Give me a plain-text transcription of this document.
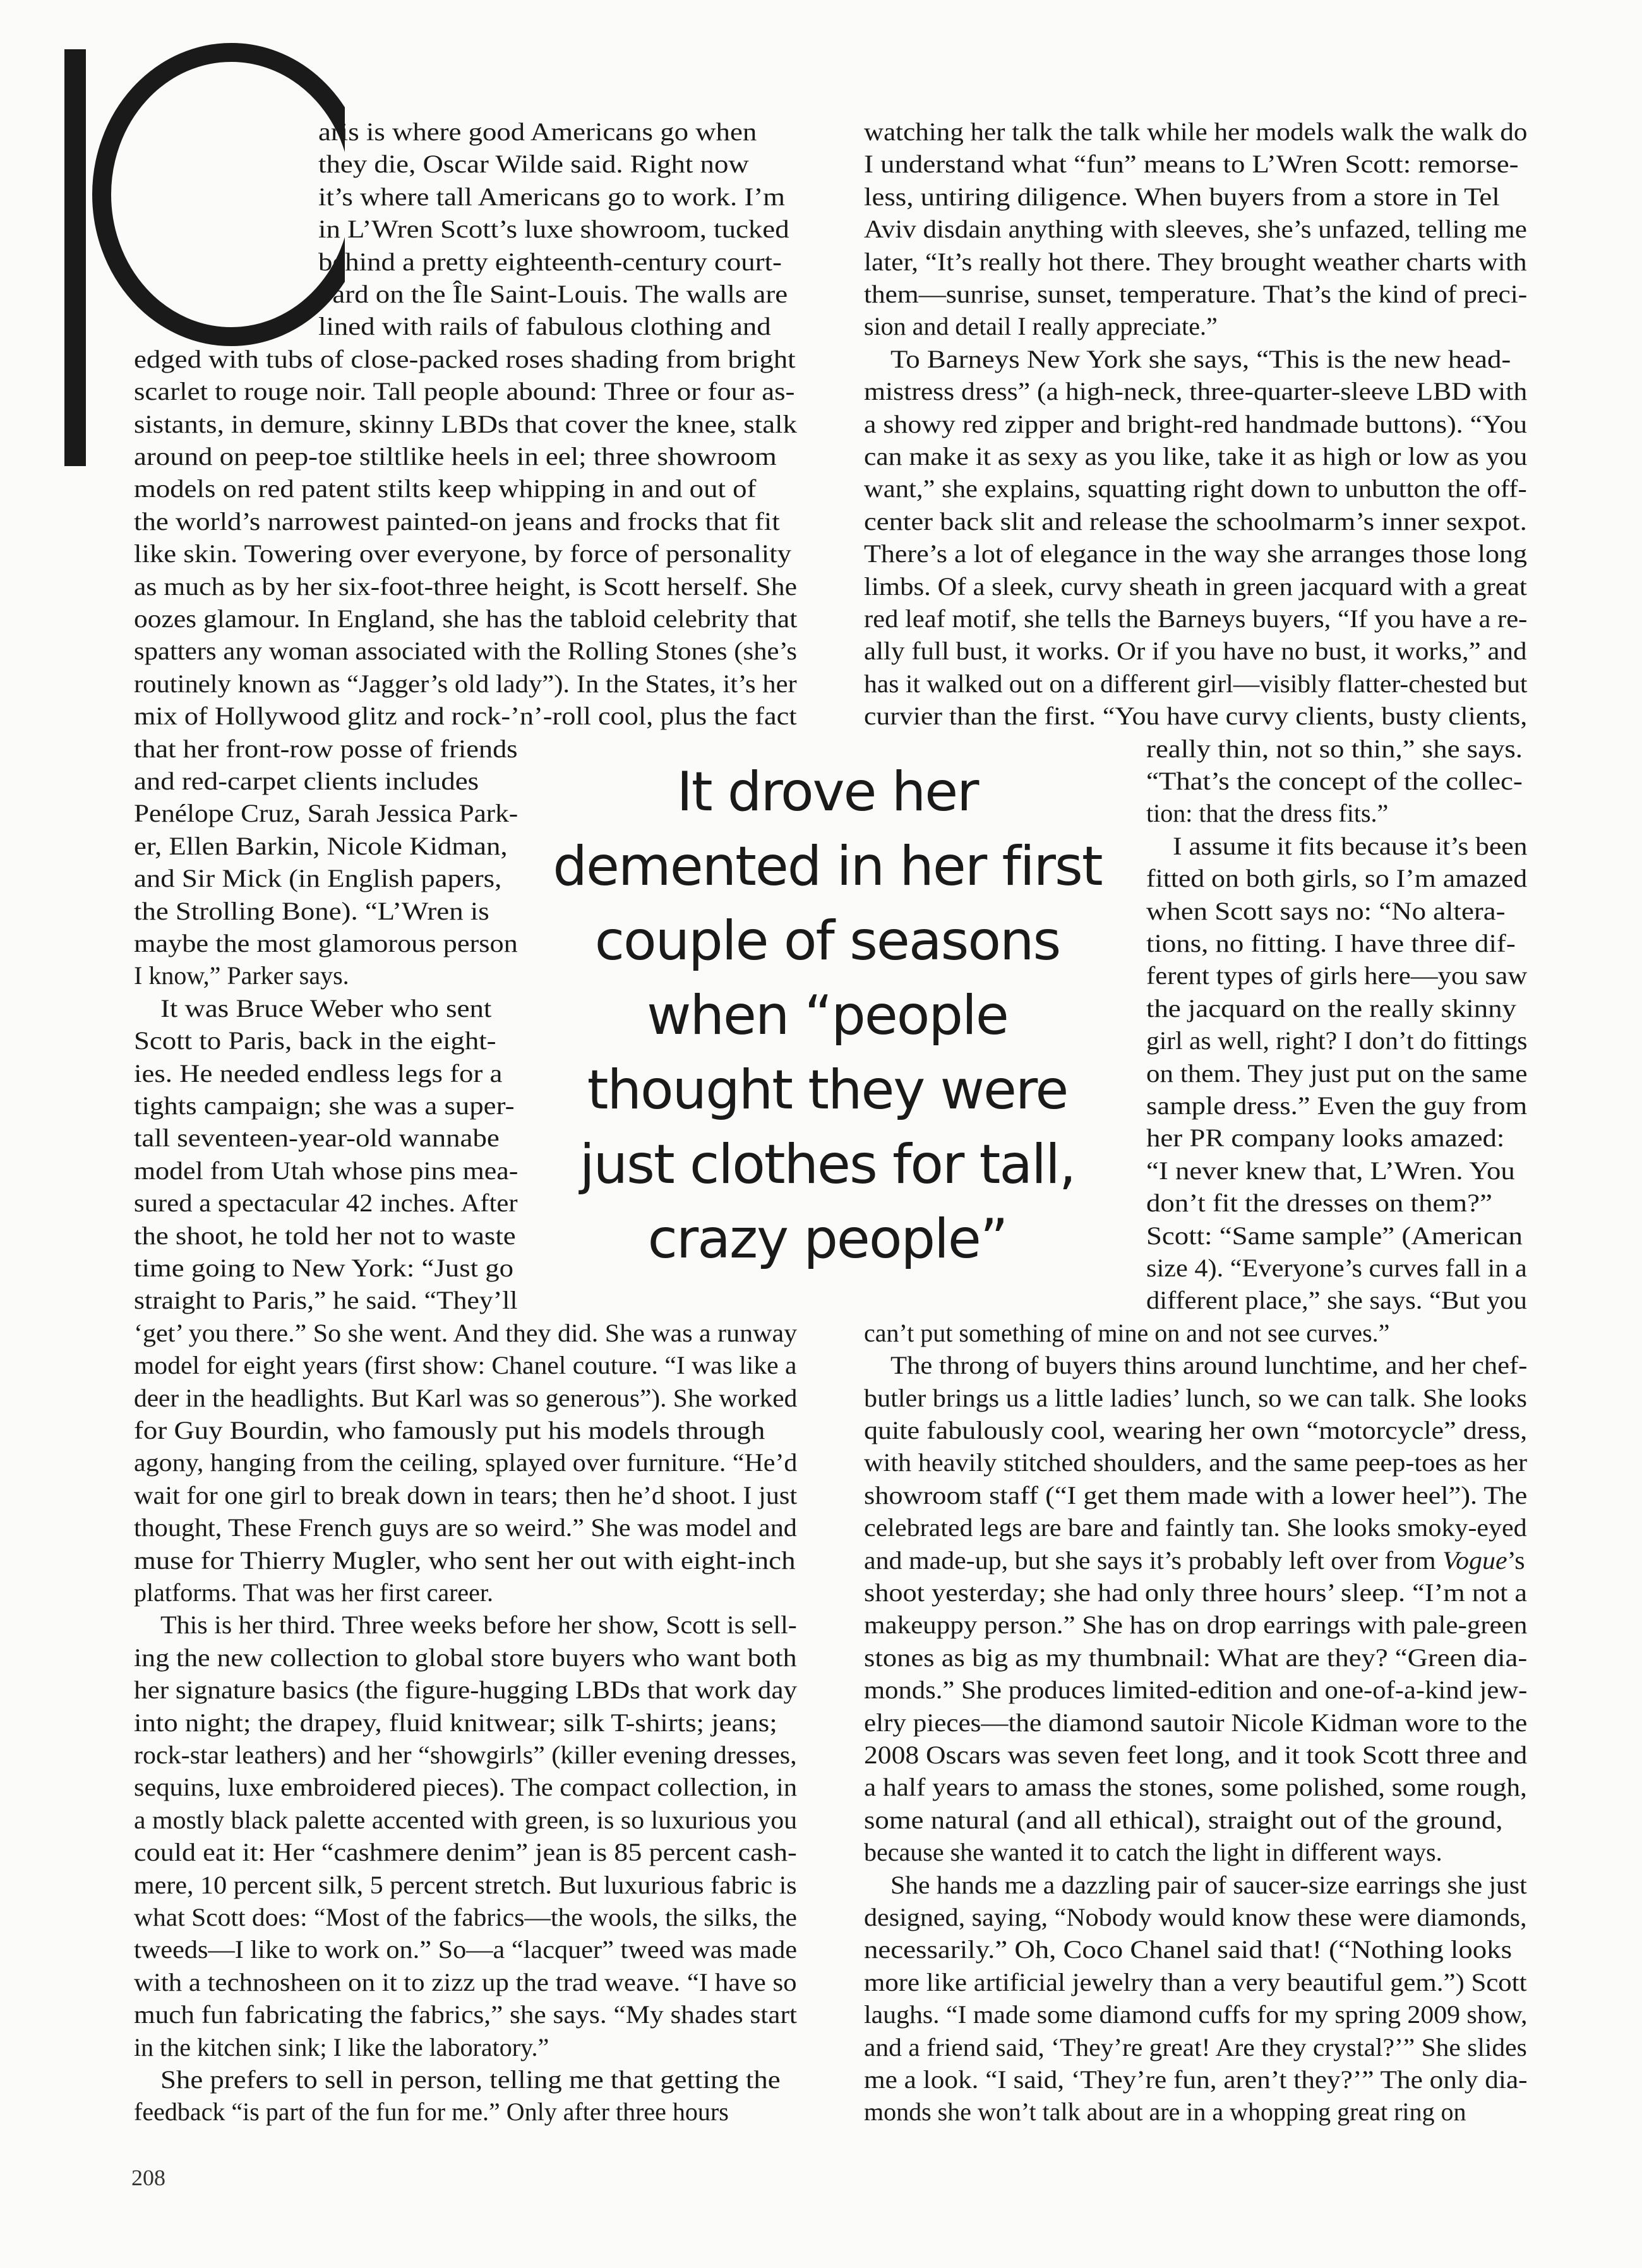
aris is where good Americans go when
they die, Oscar Wilde said. Right now
it’s where tall Americans go to work. I’m
in L’Wren Scott’s luxe showroom, tucked
behind a pretty eighteenth-century court-
yard on the Île Saint-Louis. The walls are
lined with rails of fabulous clothing and
edged with tubs of close-packed roses shading from bright
scarlet to rouge noir. Tall people abound: Three or four as-
sistants, in demure, skinny LBDs that cover the knee, stalk
around on peep-toe stiltlike heels in eel; three showroom
models on red patent stilts keep whipping in and out of
the world’s narrowest painted-on jeans and frocks that fit
like skin. Towering over everyone, by force of personality
as much as by her six-foot-three height, is Scott herself. She
oozes glamour. In England, she has the tabloid celebrity that
spatters any woman associated with the Rolling Stones (she’s
routinely known as “Jagger’s old lady”). In the States, it’s her
mix of Hollywood glitz and rock-’n’-roll cool, plus the fact
that her front-row posse of friends
and red-carpet clients includes
Penélope Cruz, Sarah Jessica Park-
er, Ellen Barkin, Nicole Kidman,
and Sir Mick (in English papers,
the Strolling Bone). “L’Wren is
maybe the most glamorous person
I know,” Parker says.
It was Bruce Weber who sent
Scott to Paris, back in the eight-
ies. He needed endless legs for a
tights campaign; she was a super-
tall seventeen-year-old wannabe
model from Utah whose pins mea-
sured a spectacular 42 inches. After
the shoot, he told her not to waste
time going to New York: “Just go
straight to Paris,” he said. “They’ll
‘get’ you there.” So she went. And they did. She was a runway
model for eight years (first show: Chanel couture. “I was like a
deer in the headlights. But Karl was so generous”). She worked
for Guy Bourdin, who famously put his models through
agony, hanging from the ceiling, splayed over furniture. “He’d
wait for one girl to break down in tears; then he’d shoot. I just
thought, These French guys are so weird.” She was model and
muse for Thierry Mugler, who sent her out with eight-inch
platforms. That was her first career.
This is her third. Three weeks before her show, Scott is sell-
ing the new collection to global store buyers who want both
her signature basics (the figure-hugging LBDs that work day
into night; the drapey, fluid knitwear; silk T-shirts; jeans;
rock-star leathers) and her “showgirls” (killer evening dresses,
sequins, luxe embroidered pieces). The compact collection, in
a mostly black palette accented with green, is so luxurious you
could eat it: Her “cashmere denim” jean is 85 percent cash-
mere, 10 percent silk, 5 percent stretch. But luxurious fabric is
what Scott does: “Most of the fabrics—the wools, the silks, the
tweeds—I like to work on.” So—a “lacquer” tweed was made
with a technosheen on it to zizz up the trad weave. “I have so
much fun fabricating the fabrics,” she says. “My shades start
in the kitchen sink; I like the laboratory.”
She prefers to sell in person, telling me that getting the
feedback “is part of the fun for me.” Only after three hours
watching her talk the talk while her models walk the walk do
I understand what “fun” means to L’Wren Scott: remorse-
less, untiring diligence. When buyers from a store in Tel
Aviv disdain anything with sleeves, she’s unfazed, telling me
later, “It’s really hot there. They brought weather charts with
them—sunrise, sunset, temperature. That’s the kind of preci-
sion and detail I really appreciate.”
To Barneys New York she says, “This is the new head-
mistress dress” (a high-neck, three-quarter-sleeve LBD with
a showy red zipper and bright-red handmade buttons). “You
can make it as sexy as you like, take it as high or low as you
want,” she explains, squatting right down to unbutton the off-
center back slit and release the schoolmarm’s inner sexpot.
There’s a lot of elegance in the way she arranges those long
limbs. Of a sleek, curvy sheath in green jacquard with a great
red leaf motif, she tells the Barneys buyers, “If you have a re-
ally full bust, it works. Or if you have no bust, it works,” and
has it walked out on a different girl—visibly flatter-chested but
curvier than the first. “You have curvy clients, busty clients,
really thin, not so thin,” she says.
“That’s the concept of the collec-
tion: that the dress fits.”
I assume it fits because it’s been
fitted on both girls, so I’m amazed
when Scott says no: “No altera-
tions, no fitting. I have three dif-
ferent types of girls here—you saw
the jacquard on the really skinny
girl as well, right? I don’t do fittings
on them. They just put on the same
sample dress.” Even the guy from
her PR company looks amazed:
“I never knew that, L’Wren. You
don’t fit the dresses on them?”
Scott: “Same sample” (American
size 4). “Everyone’s curves fall in a
different place,” she says. “But you
can’t put something of mine on and not see curves.”
The throng of buyers thins around lunchtime, and her chef-
butler brings us a little ladies’ lunch, so we can talk. She looks
quite fabulously cool, wearing her own “motorcycle” dress,
with heavily stitched shoulders, and the same peep-toes as her
showroom staff (“I get them made with a lower heel”). The
celebrated legs are bare and faintly tan. She looks smoky-eyed
and made-up, but she says it’s probably left over from Vogue’s
shoot yesterday; she had only three hours’ sleep. “I’m not a
makeuppy person.” She has on drop earrings with pale-green
stones as big as my thumbnail: What are they? “Green dia-
monds.” She produces limited-edition and one-of-a-kind jew-
elry pieces—the diamond sautoir Nicole Kidman wore to the
2008 Oscars was seven feet long, and it took Scott three and
a half years to amass the stones, some polished, some rough,
some natural (and all ethical), straight out of the ground,
because she wanted it to catch the light in different ways.
She hands me a dazzling pair of saucer-size earrings she just
designed, saying, “Nobody would know these were diamonds,
necessarily.” Oh, Coco Chanel said that! (“Nothing looks
more like artificial jewelry than a very beautiful gem.”) Scott
laughs. “I made some diamond cuffs for my spring 2009 show,
and a friend said, ‘They’re great! Are they crystal?’” She slides
me a look. “I said, ‘They’re fun, aren’t they?’” The only dia-
monds she won’t talk about are in a whopping great ring on
It drove her
demented in her first
couple of seasons
when “people
thought they were
just clothes for tall,
crazy people”
208
